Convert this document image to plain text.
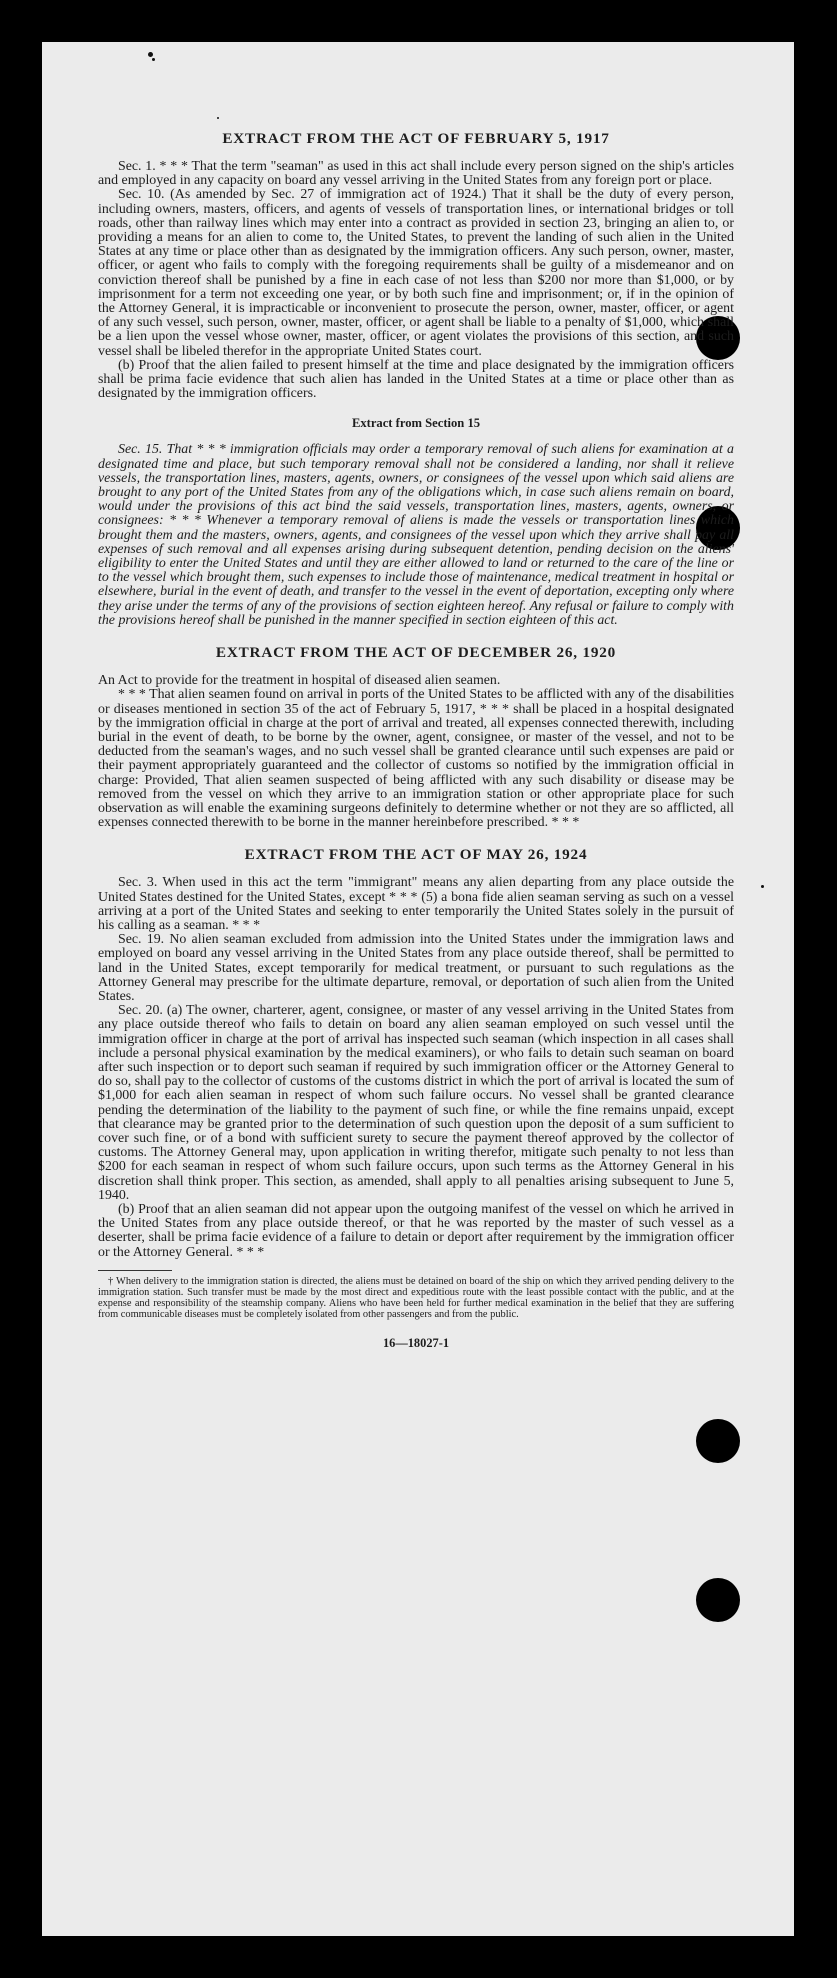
EXTRACT FROM THE ACT OF FEBRUARY 5, 1917

Sec. 1. * * * That the term "seaman" as used in this act shall include every person signed on the ship's articles and employed in any capacity on board any vessel arriving in the United States from any foreign port or place.

Sec. 10. (As amended by Sec. 27 of immigration act of 1924.) That it shall be the duty of every person, including owners, masters, officers, and agents of vessels of transportation lines, or international bridges or toll roads, other than railway lines which may enter into a contract as provided in section 23, bringing an alien to, or providing a means for an alien to come to, the United States, to prevent the landing of such alien in the United States at any time or place other than as designated by the immigration officers. Any such person, owner, master, officer, or agent who fails to comply with the foregoing requirements shall be guilty of a misdemeanor and on conviction thereof shall be punished by a fine in each case of not less than $200 nor more than $1,000, or by imprisonment for a term not exceeding one year, or by both such fine and imprisonment; or, if in the opinion of the Attorney General, it is impracticable or inconvenient to prosecute the person, owner, master, officer, or agent of any such vessel, such person, owner, master, officer, or agent shall be liable to a penalty of $1,000, which shall be a lien upon the vessel whose owner, master, officer, or agent violates the provisions of this section, and such vessel shall be libeled therefor in the appropriate United States court.

(b) Proof that the alien failed to present himself at the time and place designated by the immigration officers shall be prima facie evidence that such alien has landed in the United States at a time or place other than as designated by the immigration officers.

Extract from Section 15

Sec. 15. That * * * immigration officials may order a temporary removal of such aliens for examination at a designated time and place, but such temporary removal shall not be considered a landing, nor shall it relieve vessels, the transportation lines, masters, agents, owners, or consignees of the vessel upon which said aliens are brought to any port of the United States from any of the obligations which, in case such aliens remain on board, would under the provisions of this act bind the said vessels, transportation lines, masters, agents, owners, or consignees: * * * Whenever a temporary removal of aliens is made the vessels or transportation lines which brought them and the masters, owners, agents, and consignees of the vessel upon which they arrive shall pay all expenses of such removal and all expenses arising during subsequent detention, pending decision on the aliens' eligibility to enter the United States and until they are either allowed to land or returned to the care of the line or to the vessel which brought them, such expenses to include those of maintenance, medical treatment in hospital or elsewhere, burial in the event of death, and transfer to the vessel in the event of deportation, excepting only where they arise under the terms of any of the provisions of section eighteen hereof. Any refusal or failure to comply with the provisions hereof shall be punished in the manner specified in section eighteen of this act.

EXTRACT FROM THE ACT OF DECEMBER 26, 1920

An Act to provide for the treatment in hospital of diseased alien seamen.

* * * That alien seamen found on arrival in ports of the United States to be afflicted with any of the disabilities or diseases mentioned in section 35 of the act of February 5, 1917, * * * shall be placed in a hospital designated by the immigration official in charge at the port of arrival and treated, all expenses connected therewith, including burial in the event of death, to be borne by the owner, agent, consignee, or master of the vessel, and not to be deducted from the seaman's wages, and no such vessel shall be granted clearance until such expenses are paid or their payment appropriately guaranteed and the collector of customs so notified by the immigration official in charge: Provided, That alien seamen suspected of being afflicted with any such disability or disease may be removed from the vessel on which they arrive to an immigration station or other appropriate place for such observation as will enable the examining surgeons definitely to determine whether or not they are so afflicted, all expenses connected therewith to be borne in the manner hereinbefore prescribed. * * *

EXTRACT FROM THE ACT OF MAY 26, 1924

Sec. 3. When used in this act the term "immigrant" means any alien departing from any place outside the United States destined for the United States, except * * * (5) a bona fide alien seaman serving as such on a vessel arriving at a port of the United States and seeking to enter temporarily the United States solely in the pursuit of his calling as a seaman. * * *

Sec. 19. No alien seaman excluded from admission into the United States under the immigration laws and employed on board any vessel arriving in the United States from any place outside thereof, shall be permitted to land in the United States, except temporarily for medical treatment, or pursuant to such regulations as the Attorney General may prescribe for the ultimate departure, removal, or deportation of such alien from the United States.

Sec. 20. (a) The owner, charterer, agent, consignee, or master of any vessel arriving in the United States from any place outside thereof who fails to detain on board any alien seaman employed on such vessel until the immigration officer in charge at the port of arrival has inspected such seaman (which inspection in all cases shall include a personal physical examination by the medical examiners), or who fails to detain such seaman on board after such inspection or to deport such seaman if required by such immigration officer or the Attorney General to do so, shall pay to the collector of customs of the customs district in which the port of arrival is located the sum of $1,000 for each alien seaman in respect of whom such failure occurs. No vessel shall be granted clearance pending the determination of the liability to the payment of such fine, or while the fine remains unpaid, except that clearance may be granted prior to the determination of such question upon the deposit of a sum sufficient to cover such fine, or of a bond with sufficient surety to secure the payment thereof approved by the collector of customs. The Attorney General may, upon application in writing therefor, mitigate such penalty to not less than $200 for each seaman in respect of whom such failure occurs, upon such terms as the Attorney General in his discretion shall think proper. This section, as amended, shall apply to all penalties arising subsequent to June 5, 1940.

(b) Proof that an alien seaman did not appear upon the outgoing manifest of the vessel on which he arrived in the United States from any place outside thereof, or that he was reported by the master of such vessel as a deserter, shall be prima facie evidence of a failure to detain or deport after requirement by the immigration officer or the Attorney General. * * *

† When delivery to the immigration station is directed, the aliens must be detained on board of the ship on which they arrived pending delivery to the immigration station. Such transfer must be made by the most direct and expeditious route with the least possible contact with the public, and at the expense and responsibility of the steamship company. Aliens who have been held for further medical examination in the belief that they are suffering from communicable diseases must be completely isolated from other passengers and from the public.
16—18027-1
